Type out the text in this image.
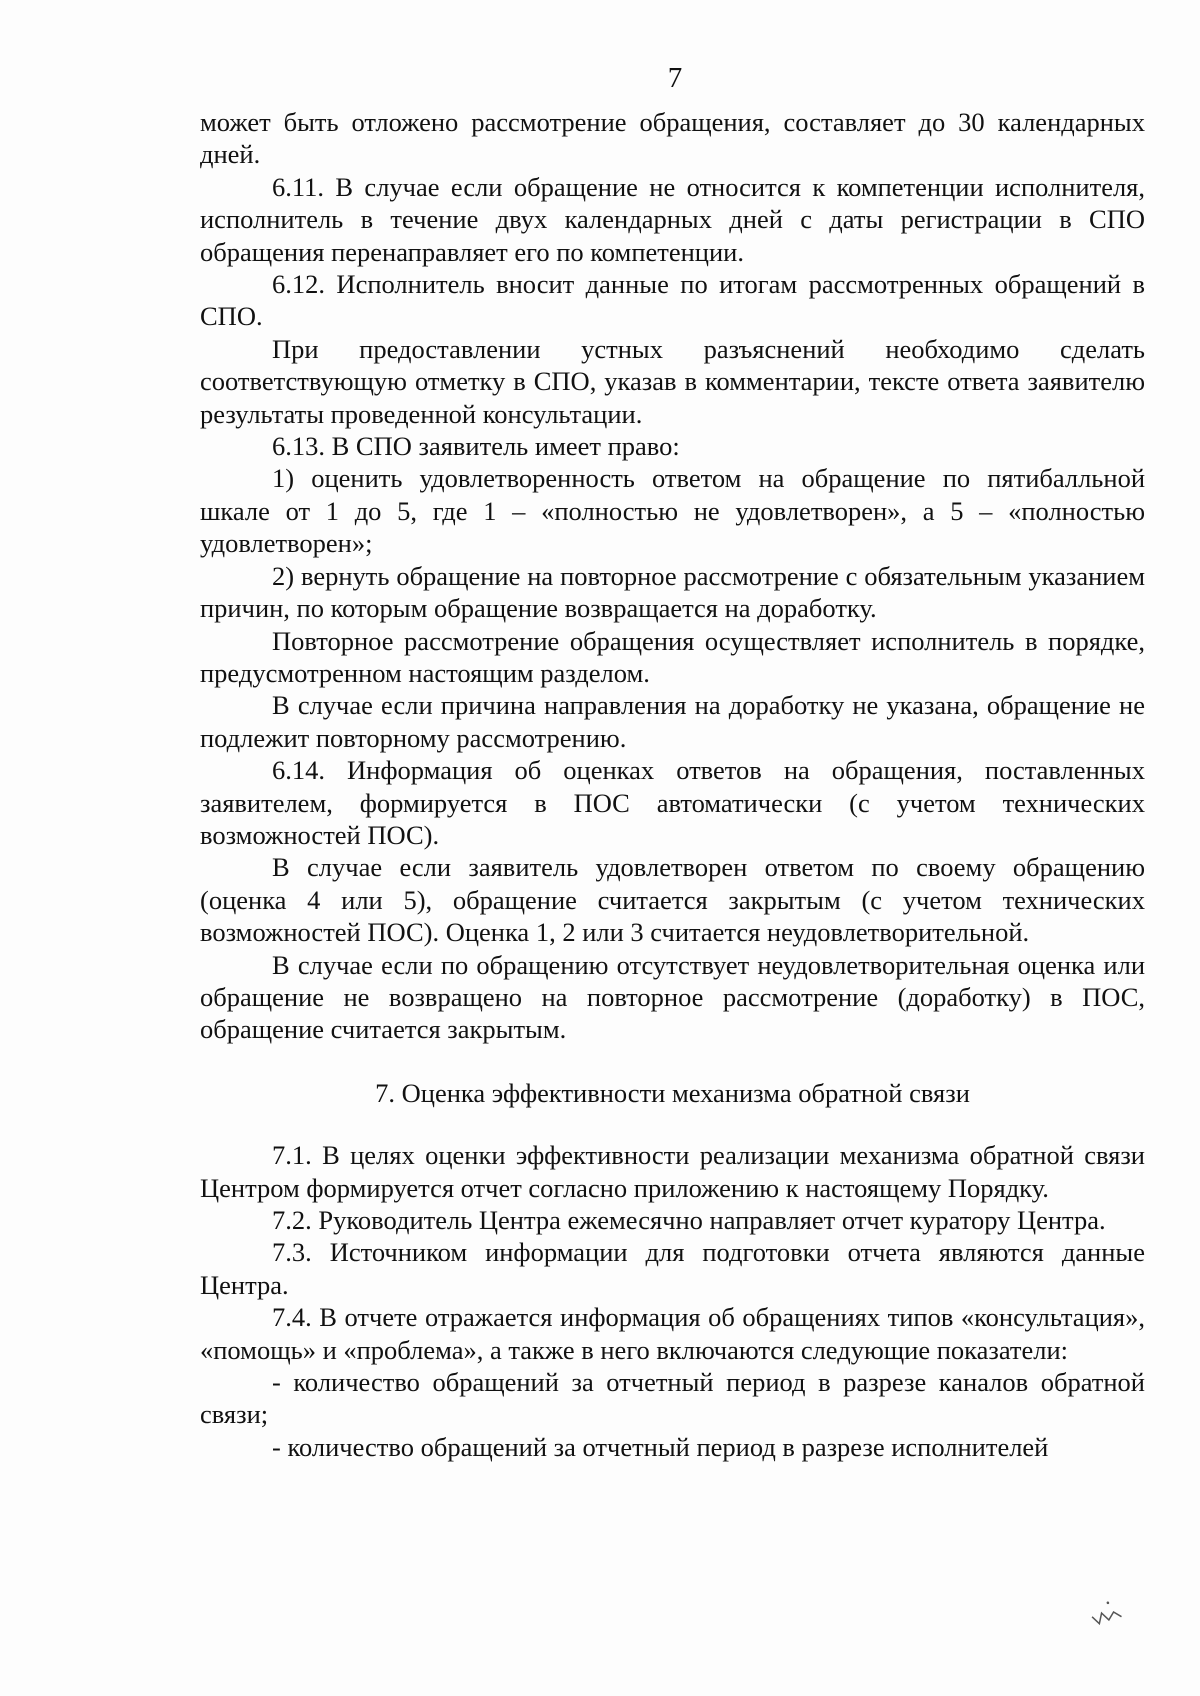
7

может быть отложено рассмотрение обращения, составляет до 30 календарных дней.

6.11. В случае если обращение не относится к компетенции исполнителя, исполнитель в течение двух календарных дней с даты регистрации в СПО обращения перенаправляет его по компетенции.

6.12. Исполнитель вносит данные по итогам рассмотренных обращений в СПО.

При предоставлении устных разъяснений необходимо сделать соответствующую отметку в СПО, указав в комментарии, тексте ответа заявителю результаты проведенной консультации.

6.13. В СПО заявитель имеет право:

1) оценить удовлетворенность ответом на обращение по пятибалльной шкале от 1 до 5, где 1 – «полностью не удовлетворен», а 5 – «полностью удовлетворен»;

2) вернуть обращение на повторное рассмотрение с обязательным указанием причин, по которым обращение возвращается на доработку.

Повторное рассмотрение обращения осуществляет исполнитель в порядке, предусмотренном настоящим разделом.

В случае если причина направления на доработку не указана, обращение не подлежит повторному рассмотрению.

6.14. Информация об оценках ответов на обращения, поставленных заявителем, формируется в ПОС автоматически (с учетом технических возможностей ПОС).

В случае если заявитель удовлетворен ответом по своему обращению (оценка 4 или 5), обращение считается закрытым (с учетом технических возможностей ПОС). Оценка 1, 2 или 3 считается неудовлетворительной.

В случае если по обращению отсутствует неудовлетворительная оценка или обращение не возвращено на повторное рассмотрение (доработку) в ПОС, обращение считается закрытым.

7. Оценка эффективности механизма обратной связи

7.1. В целях оценки эффективности реализации механизма обратной связи Центром формируется отчет согласно приложению к настоящему Порядку.

7.2. Руководитель Центра ежемесячно направляет отчет куратору Центра.

7.3. Источником информации для подготовки отчета являются данные Центра.

7.4. В отчете отражается информация об обращениях типов «консультация», «помощь» и «проблема», а также в него включаются следующие показатели:

- количество обращений за отчетный период в разрезе каналов обратной связи;

- количество обращений за отчетный период в разрезе исполнителей
